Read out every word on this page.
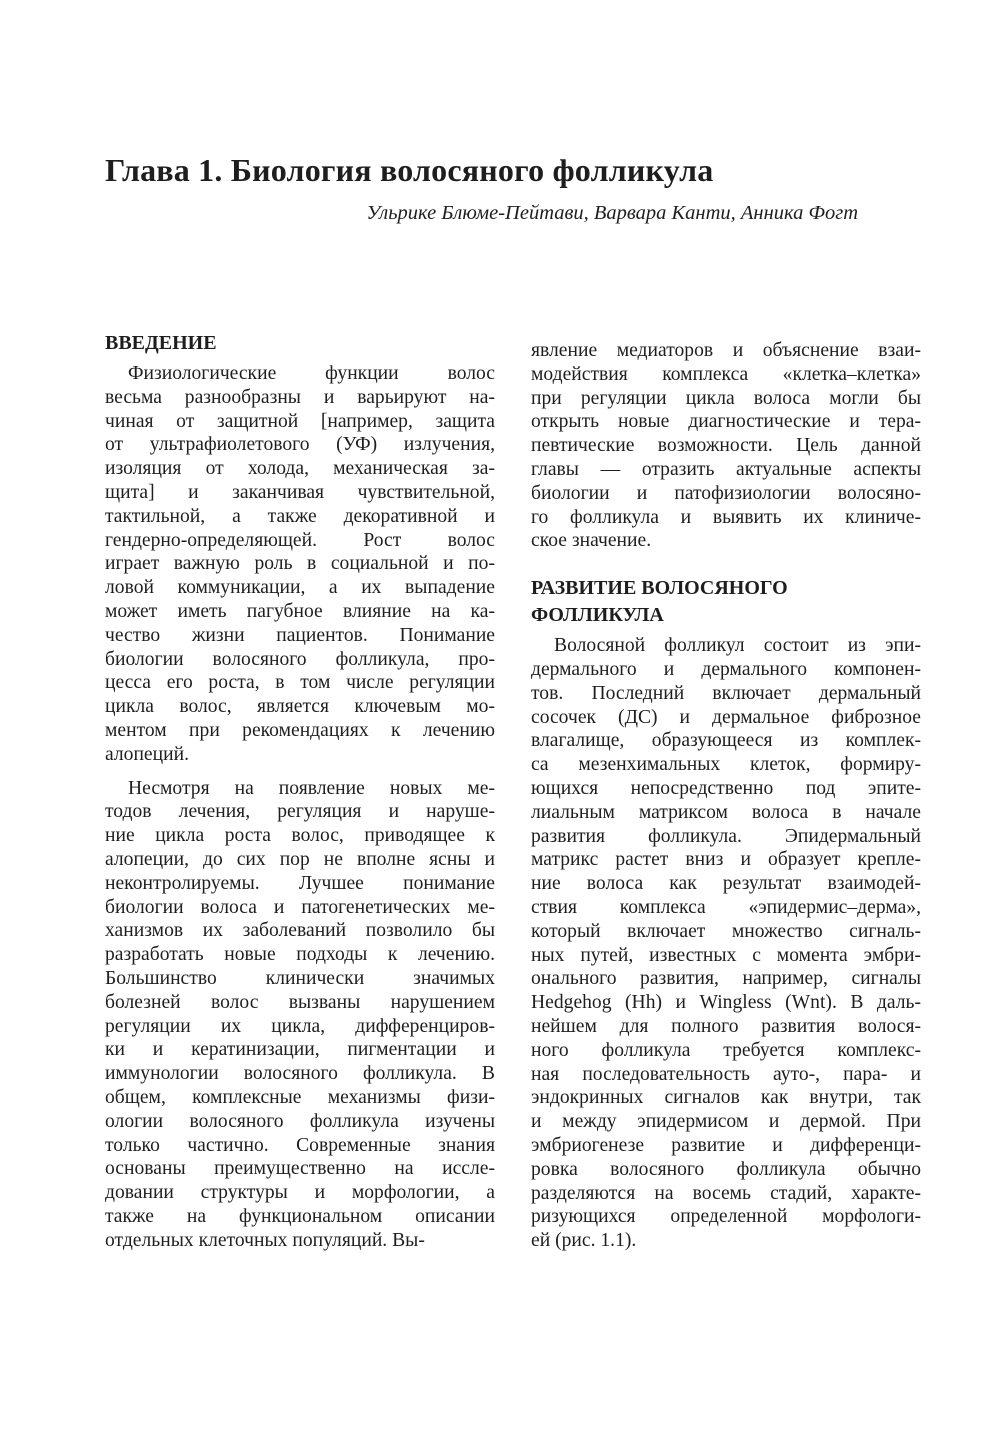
Глава 1. Биология волосяного фолликула
Ульрике Блюме-Пейтави, Варвара Канти, Анника Фогт
ВВЕДЕНИЕ
Физиологические функции волос
весьма разнообразны и варьируют на-
чиная от защитной [например, защита
от ультрафиолетового (УФ) излучения,
изоляция от холода, механическая за-
щита] и заканчивая чувствительной,
тактильной, а также декоративной и
гендерно-определяющей. Рост волос
играет важную роль в социальной и по-
ловой коммуникации, а их выпадение
может иметь пагубное влияние на ка-
чество жизни пациентов. Понимание
биологии волосяного фолликула, про-
цесса его роста, в том числе регуляции
цикла волос, является ключевым мо-
ментом при рекомендациях к лечению
алопеций.
Несмотря на появление новых ме-
тодов лечения, регуляция и наруше-
ние цикла роста волос, приводящее к
алопеции, до сих пор не вполне ясны и
неконтролируемы. Лучшее понимание
биологии волоса и патогенетических ме-
ханизмов их заболеваний позволило бы
разработать новые подходы к лечению.
Большинство клинически значимых
болезней волос вызваны нарушением
регуляции их цикла, дифференциров-
ки и кератинизации, пигментации и
иммунологии волосяного фолликула. В
общем, комплексные механизмы физи-
ологии волосяного фолликула изучены
только частично. Современные знания
основаны преимущественно на иссле-
довании структуры и морфологии, а
также на функциональном описании
отдельных клеточных популяций. Вы-
явление медиаторов и объяснение взаи-
модействия комплекса «клетка–клетка»
при регуляции цикла волоса могли бы
открыть новые диагностические и тера-
певтические возможности. Цель данной
главы — отразить актуальные аспекты
биологии и патофизиологии волосяно-
го фолликула и выявить их клиниче-
ское значение.
РАЗВИТИЕ ВОЛОСЯНОГО
ФОЛЛИКУЛА
Волосяной фолликул состоит из эпи-
дермального и дермального компонен-
тов. Последний включает дермальный
сосочек (ДС) и дермальное фиброзное
влагалище, образующееся из комплек-
са мезенхимальных клеток, формиру-
ющихся непосредственно под эпите-
лиальным матриксом волоса в начале
развития фолликула. Эпидермальный
матрикс растет вниз и образует крепле-
ние волоса как результат взаимодей-
ствия комплекса «эпидермис–дерма»,
который включает множество сигналь-
ных путей, известных с момента эмбри-
онального развития, например, сигналы
Hedgehog (Hh) и Wingless (Wnt). В даль-
нейшем для полного развития волося-
ного фолликула требуется комплекс-
ная последовательность ауто-, пара- и
эндокринных сигналов как внутри, так
и между эпидермисом и дермой. При
эмбриогенезе развитие и дифференци-
ровка волосяного фолликула обычно
разделяются на восемь стадий, характе-
ризующихся определенной морфологи-
ей (рис. 1.1).
